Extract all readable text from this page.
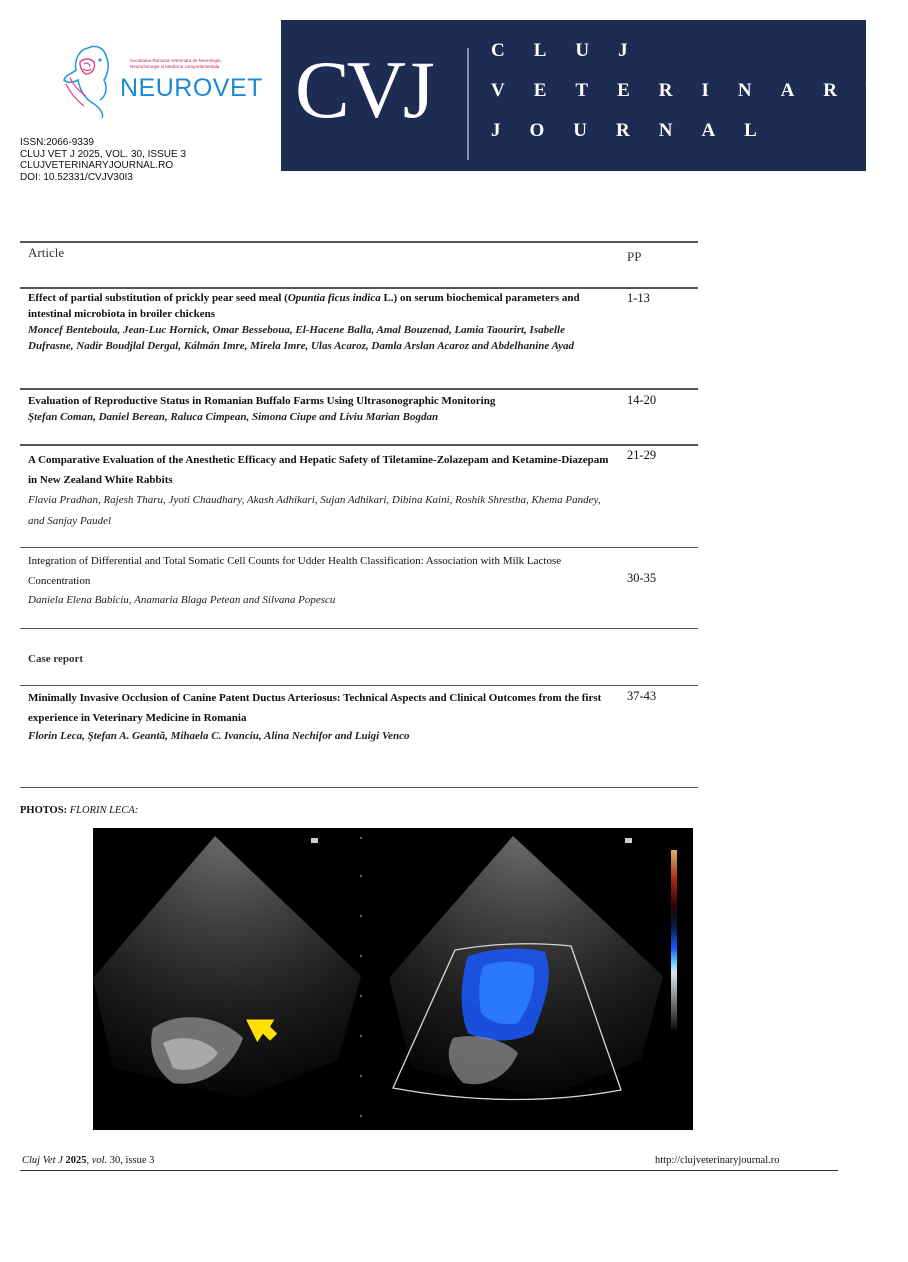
Societatea Romana Veterinara de Neurologie,
Neurochirurgie si Medicina comportamentala
NEUROVET CVJ	CLUJ
VETERINARY
JOURNAL
ISSN:2066-9339
CLUJ VET J 2025, VOL. 30, ISSUE 3
CLUJVETERINARYJOURNAL.RO
DOI: 10.52331/CVJV30I3
Article	PP
Effect of partial substitution of prickly pear seed meal (Opuntia ficus indica L.) on serum biochemical parameters and intestinal microbiota in broiler chickens
Moncef Benteboula, Jean-Luc Hornick, Omar Besseboua, El-Hacene Balla, Amal Bouzenad, Lamia Taourirt, Isabelle Dufrasne, Nadir Boudjlal Dergal, Kálmán Imre, Mirela Imre, Ulas Acaroz, Damla Arslan Acaroz and Abdelhanine Ayad
1-13
Evaluation of Reproductive Status in Romanian Buffalo Farms Using Ultrasonographic Monitoring
Ştefan Coman, Daniel Berean, Raluca Cimpean, Simona Ciupe and Liviu Marian Bogdan
14-20
A Comparative Evaluation of the Anesthetic Efficacy and Hepatic Safety of Tiletamine-Zolazepam and Ketamine-Diazepam in New Zealand White Rabbits
Flavia Pradhan, Rajesh Tharu, Jyoti Chaudhary, Akash Adhikari, Sujan Adhikari, Dibina Kaini, Roshik Shrestha, Khema Pandey, and Sanjay Paudel
21-29
Integration of Differential and Total Somatic Cell Counts for Udder Health Classification: Association with Milk Lactose Concentration
Daniela Elena Babiciu, Anamaria Blaga Petean and Silvana Popescu
30-35
Case report
Minimally Invasive Occlusion of Canine Patent Ductus Arteriosus: Technical Aspects and Clinical Outcomes from the first experience in Veterinary Medicine in Romania
Florin Leca, Ştefan A. Geantă, Mihaela C. Ivanciu, Alina Nechifor and Luigi Venco
37-43
PHOTOS: FLORIN LECA:
Cluj Vet J 2025, vol. 30, issue 3	http://clujveterinaryjournal.ro
